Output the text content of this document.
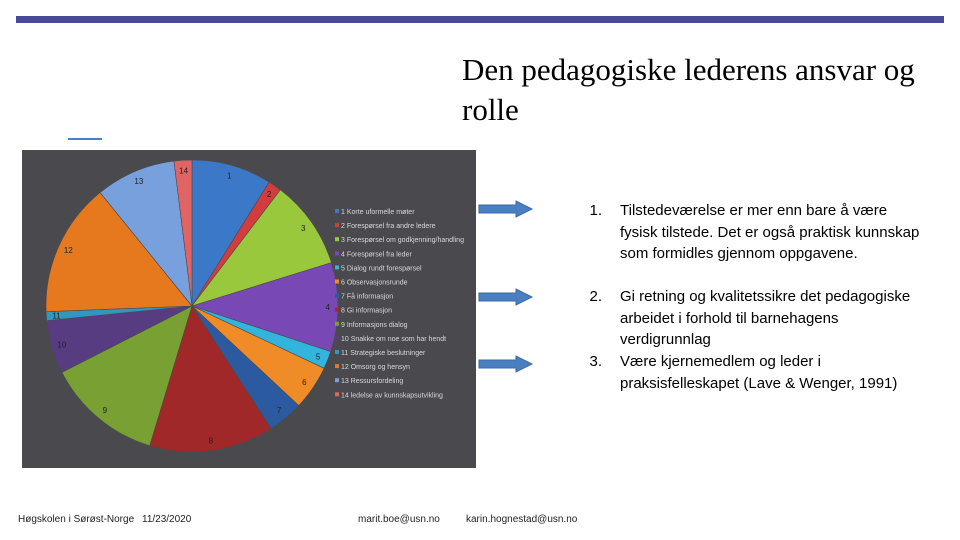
Den pedagogiske lederens ansvar og rolle
1
2
3
4
5
6
7
8
9
10
11
12
13
14
1 Korte uformelle møter
2 Forespørsel fra andre ledere
3 Forespørsel om godkjenning/handling
4 Forespørsel fra leder
5 Dialog rundt forespørsel
6 Observasjonsrunde
7 Få informasjon
8 Gi informasjon
9 Informasjons dialog
10 Snakke om noe som har hendt
11 Strategiske beslutninger
12 Omsorg og hensyn
13 Ressursfordeling
14 ledelse av kunnskapsutvikling
1. Tilstedeværelse er mer enn bare å være fysisk tilstede. Det er også praktisk kunnskap som formidles gjennom oppgavene.
2. Gi retning og kvalitetssikre det pedagogiske arbeidet i forhold til barnehagens verdigrunnlag
3. Være kjernemedlem og leder i praksisfelleskapet (Lave & Wenger, 1991)
Høgskolen i Sørøst-Norge 11/23/2020	marit.boe@usn.no	karin.hognestad@usn.no
